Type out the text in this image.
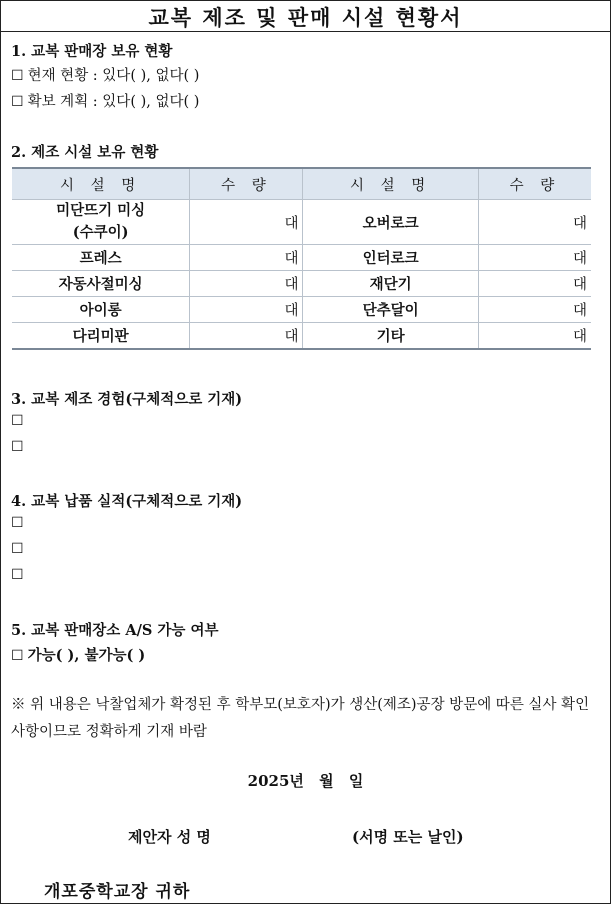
교복 제조 및 판매 시설 현황서
1. 교복 판매장 보유 현황
☐ 현재 현황 : 있다( ), 없다( )
☐ 확보 계획 : 있다( ), 없다( )
2. 제조 시설 보유 현황
시 설 명	수 량	시 설 명	수 량
미단뜨기 미싱
(수쿠이)	대	오버로크	대
프레스	대	인터로크	대
자동사절미싱	대	재단기	대
아이롱	대	단추달이	대
다리미판	대	기타	대
3. 교복 제조 경험(구체적으로 기재)
☐
☐
4. 교복 납품 실적(구체적으로 기재)
☐
☐
☐
5. 교복 판매장소 A/S 가능 여부
☐ 가능( ), 불가능( )
※ 위 내용은 낙찰업체가 확정된 후 학부모(보호자)가 생산(제조)공장 방문에 따른 실사 확인 사항이므로 정확하게 기재 바람
2025년 월 일
제안자 성 명	(서명 또는 날인)
개포중학교장 귀하
